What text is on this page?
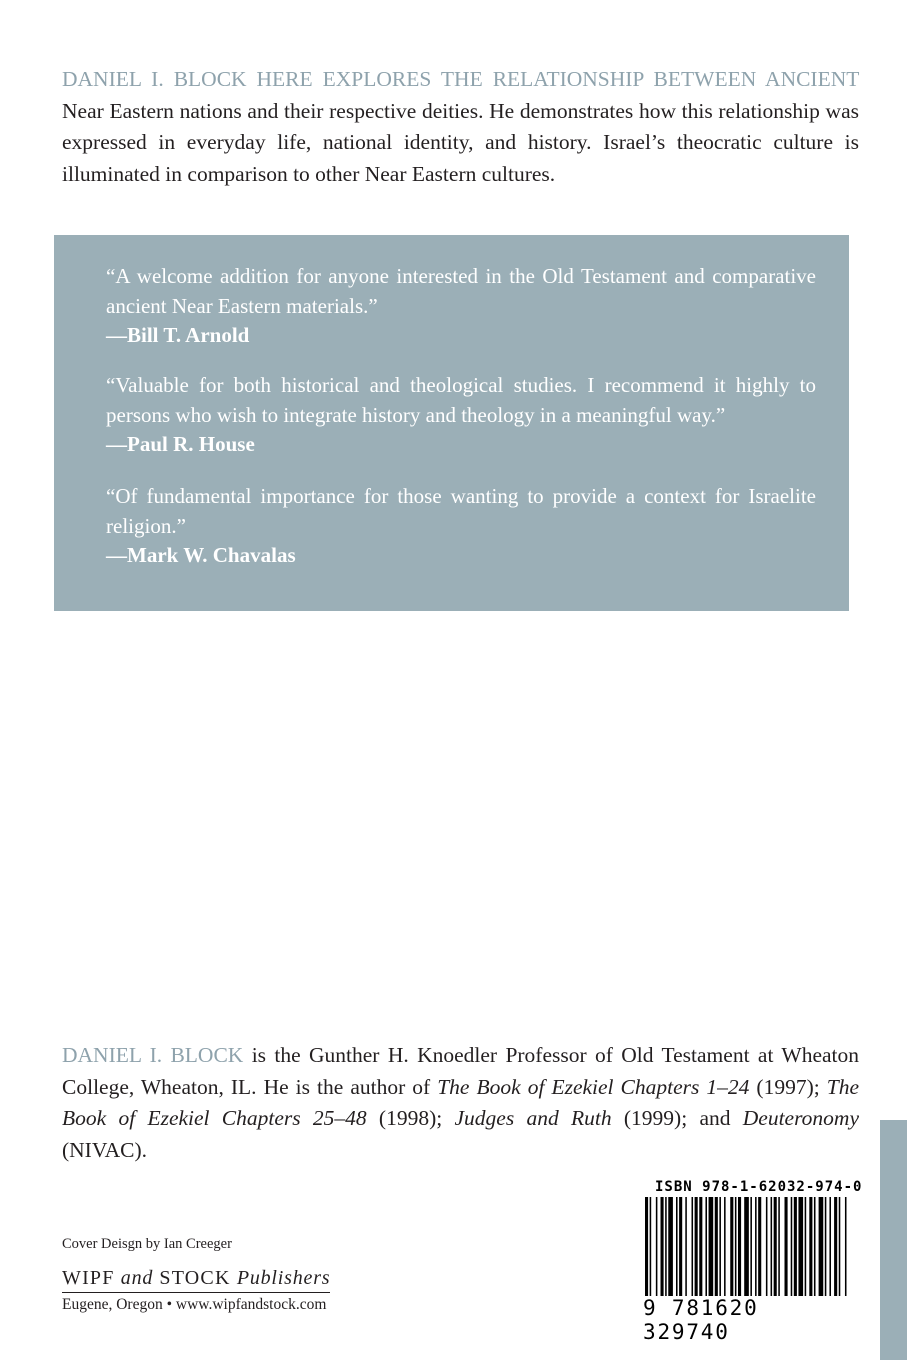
DANIEL I. BLOCK HERE EXPLORES THE RELATIONSHIP BETWEEN ANCIENT Near Eastern nations and their respective deities. He demonstrates how this relationship was expressed in everyday life, national identity, and history. Israel’s theocratic culture is illuminated in comparison to other Near Eastern cultures.
“A welcome addition for anyone interested in the Old Testament and comparative ancient Near Eastern materials.”
—Bill T. Arnold
“Valuable for both historical and theological studies. I recommend it highly to persons who wish to integrate history and theology in a meaningful way.”
—Paul R. House
“Of fundamental importance for those wanting to provide a context for Israelite religion.”
—Mark W. Chavalas
DANIEL I. BLOCK is the Gunther H. Knoedler Professor of Old Testament at Wheaton College, Wheaton, IL. He is the author of The Book of Ezekiel Chapters 1–24 (1997); The Book of Ezekiel Chapters 25–48 (1998); Judges and Ruth (1999); and Deuteronomy (NIVAC).
Cover Deisgn by Ian Creeger
WIPF and STOCK Publishers
Eugene, Oregon • www.wipfandstock.com
ISBN 978-1-62032-974-0
9 781620 329740
